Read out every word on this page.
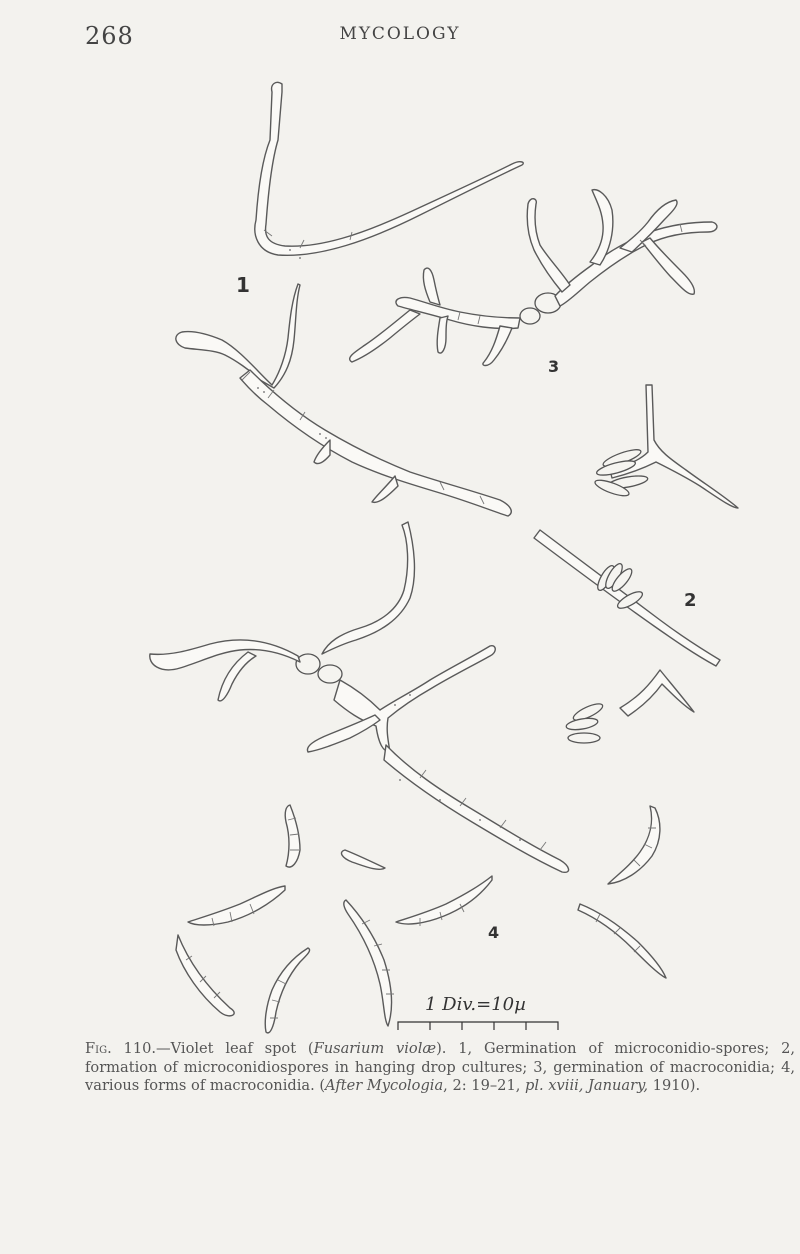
268	MYCOLOGY
1
3
2
4
1 Div.=10µ
Fig. 110.—Violet leaf spot (Fusarium violæ). 1, Germination of microconidio-spores; 2, formation of microconidiospores in hanging drop cultures; 3, germination of macroconidia; 4, various forms of macroconidia. (After Mycologia, 2: 19–21, pl. xviii, January, 1910).
